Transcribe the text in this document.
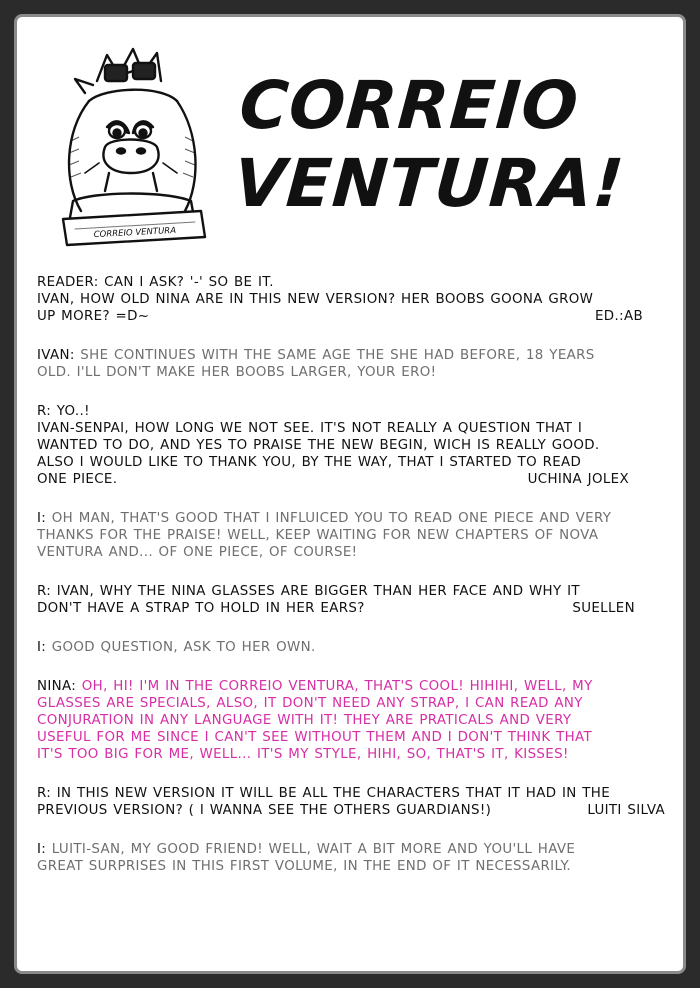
CORREIO VENTURA
CORREIO
VENTURA!
READER: CAN I ASK? '-' SO BE IT.
IVAN, HOW OLD NINA ARE IN THIS NEW VERSION? HER BOOBS GOONA GROW
UP MORE? =D~	ED.:AB
IVAN: SHE CONTINUES WITH THE SAME AGE THE SHE HAD BEFORE, 18 YEARS
OLD. I'LL DON'T MAKE HER BOOBS LARGER, YOUR ERO!
R: YO..!
IVAN-SENPAI, HOW LONG WE NOT SEE. IT'S NOT REALLY A QUESTION THAT I
WANTED TO DO, AND YES TO PRAISE THE NEW BEGIN, WICH IS REALLY GOOD.
ALSO I WOULD LIKE TO THANK YOU, BY THE WAY, THAT I STARTED TO READ
ONE PIECE.	UCHINA JOLEX
I: OH MAN, THAT'S GOOD THAT I INFLUICED YOU TO READ ONE PIECE AND VERY
THANKS FOR THE PRAISE! WELL, KEEP WAITING FOR NEW CHAPTERS OF NOVA
VENTURA AND... OF ONE PIECE, OF COURSE!
R: IVAN, WHY THE NINA GLASSES ARE BIGGER THAN HER FACE AND WHY IT
DON'T HAVE A STRAP TO HOLD IN HER EARS?	SUELLEN
I: GOOD QUESTION, ASK TO HER OWN.
NINA: OH, HI! I'M IN THE CORREIO VENTURA, THAT'S COOL! HIHIHI, WELL, MY
GLASSES ARE SPECIALS, ALSO, IT DON'T NEED ANY STRAP, I CAN READ ANY
CONJURATION IN ANY LANGUAGE WITH IT! THEY ARE PRATICALS AND VERY
USEFUL FOR ME SINCE I CAN'T SEE WITHOUT THEM AND I DON'T THINK THAT
IT'S TOO BIG FOR ME, WELL... IT'S MY STYLE, HIHI, SO, THAT'S IT, KISSES!
R: IN THIS NEW VERSION IT WILL BE ALL THE CHARACTERS THAT IT HAD IN THE
PREVIOUS VERSION? ( I WANNA SEE THE OTHERS GUARDIANS!)	LUITI SILVA
I: LUITI-SAN, MY GOOD FRIEND! WELL, WAIT A BIT MORE AND YOU'LL HAVE
GREAT SURPRISES IN THIS FIRST VOLUME, IN THE END OF IT NECESSARILY.
